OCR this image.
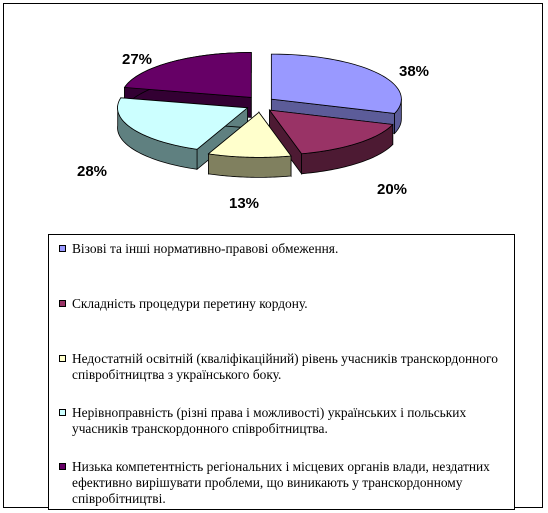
38%
20%
13%
28%
27%
Візові та інші нормативно-правові обмеження.
Складність процедури перетину кордону.
Недостатній освітній (кваліфікаційний) рівень учасників транскордонного співробітництва з українського боку.
Нерівноправність (різні права і можливості) українських і польських учасників транскордонного співробітництва.
Низька компетентність регіональних і місцевих органів влади, нездатних ефективно вирішувати проблеми, що виникають у транскордонному співробітництві.
